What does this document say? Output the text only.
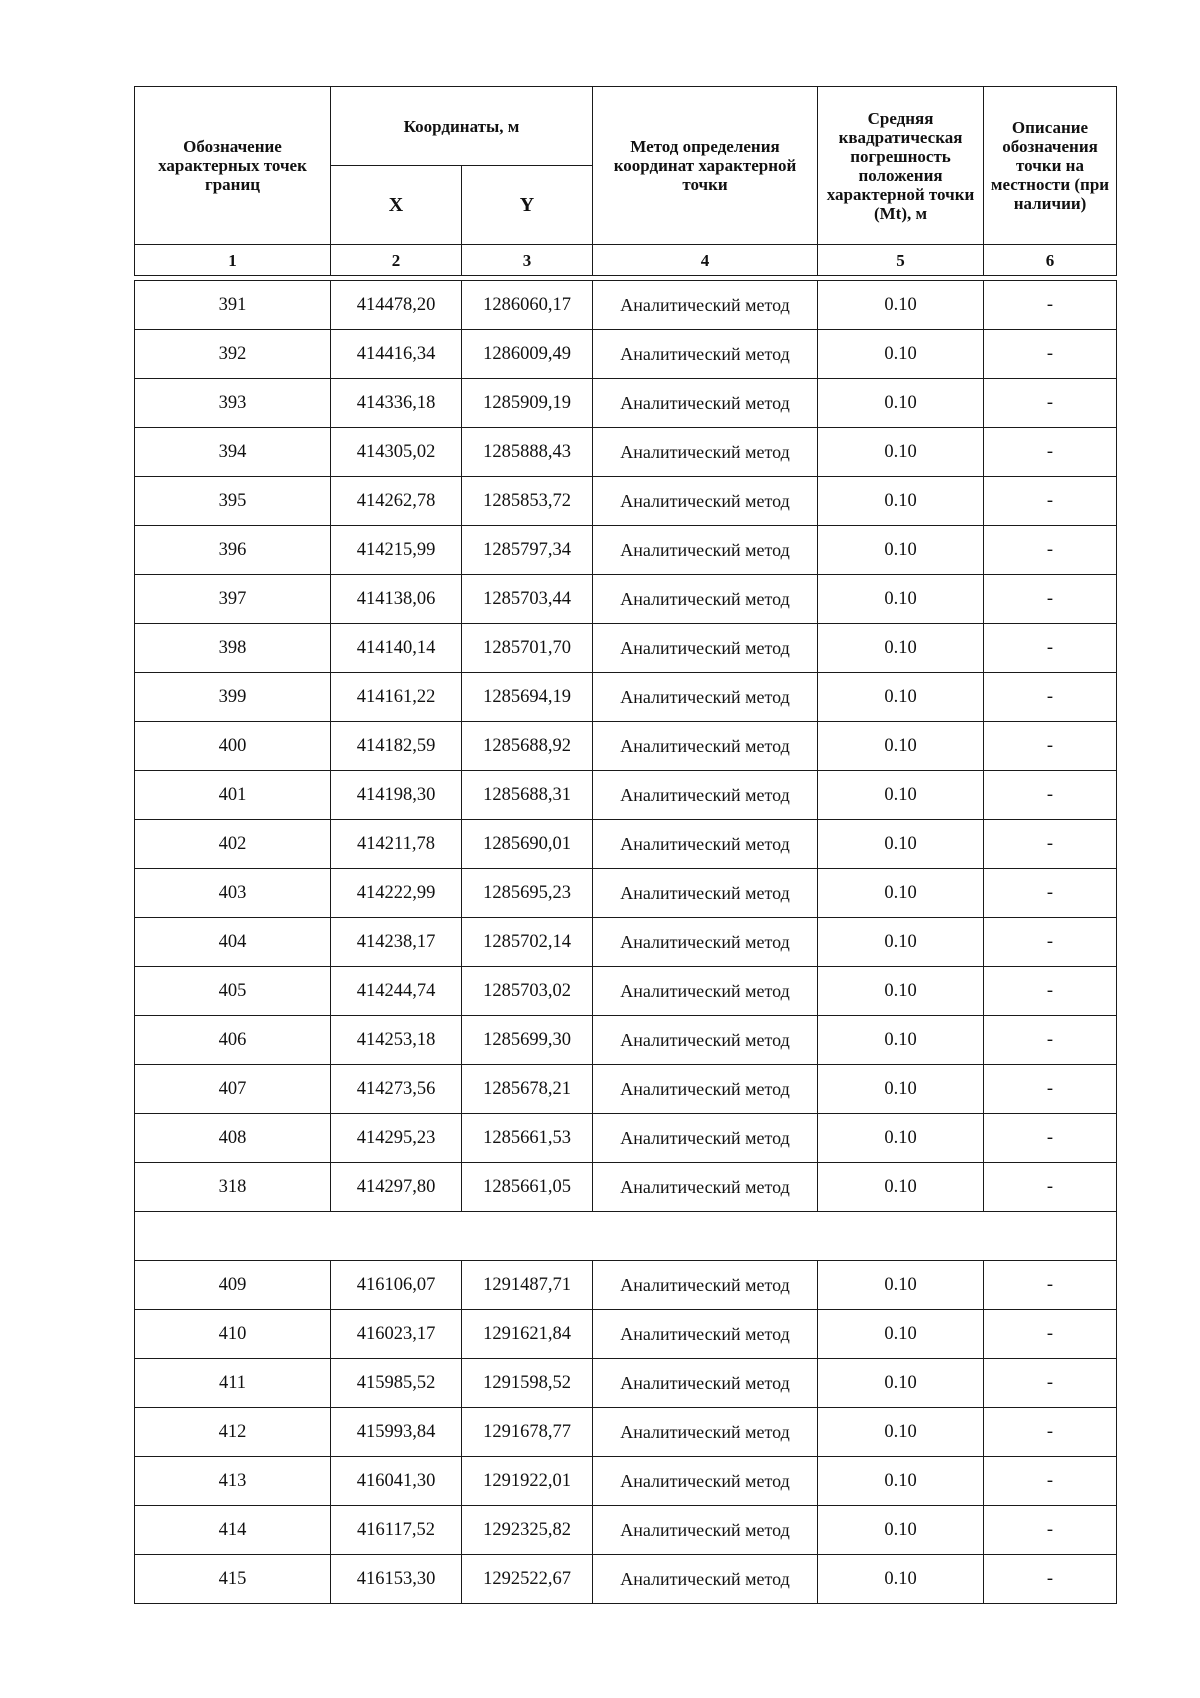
Обозначение характерных точек границ	Координаты, м		Метод определения координат характерной точки	Средняя квадратическая погрешность положения характерной точки (Mt), м	Описание обозначения точки на местности (при наличии)
	X	Y			
1	2	3	4	5	6

391	414478,20	1286060,17	Аналитический метод	0.10	-
392	414416,34	1286009,49	Аналитический метод	0.10	-
393	414336,18	1285909,19	Аналитический метод	0.10	-
394	414305,02	1285888,43	Аналитический метод	0.10	-
395	414262,78	1285853,72	Аналитический метод	0.10	-
396	414215,99	1285797,34	Аналитический метод	0.10	-
397	414138,06	1285703,44	Аналитический метод	0.10	-
398	414140,14	1285701,70	Аналитический метод	0.10	-
399	414161,22	1285694,19	Аналитический метод	0.10	-
400	414182,59	1285688,92	Аналитический метод	0.10	-
401	414198,30	1285688,31	Аналитический метод	0.10	-
402	414211,78	1285690,01	Аналитический метод	0.10	-
403	414222,99	1285695,23	Аналитический метод	0.10	-
404	414238,17	1285702,14	Аналитический метод	0.10	-
405	414244,74	1285703,02	Аналитический метод	0.10	-
406	414253,18	1285699,30	Аналитический метод	0.10	-
407	414273,56	1285678,21	Аналитический метод	0.10	-
408	414295,23	1285661,53	Аналитический метод	0.10	-
318	414297,80	1285661,05	Аналитический метод	0.10	-

409	416106,07	1291487,71	Аналитический метод	0.10	-
410	416023,17	1291621,84	Аналитический метод	0.10	-
411	415985,52	1291598,52	Аналитический метод	0.10	-
412	415993,84	1291678,77	Аналитический метод	0.10	-
413	416041,30	1291922,01	Аналитический метод	0.10	-
414	416117,52	1292325,82	Аналитический метод	0.10	-
415	416153,30	1292522,67	Аналитический метод	0.10	-
